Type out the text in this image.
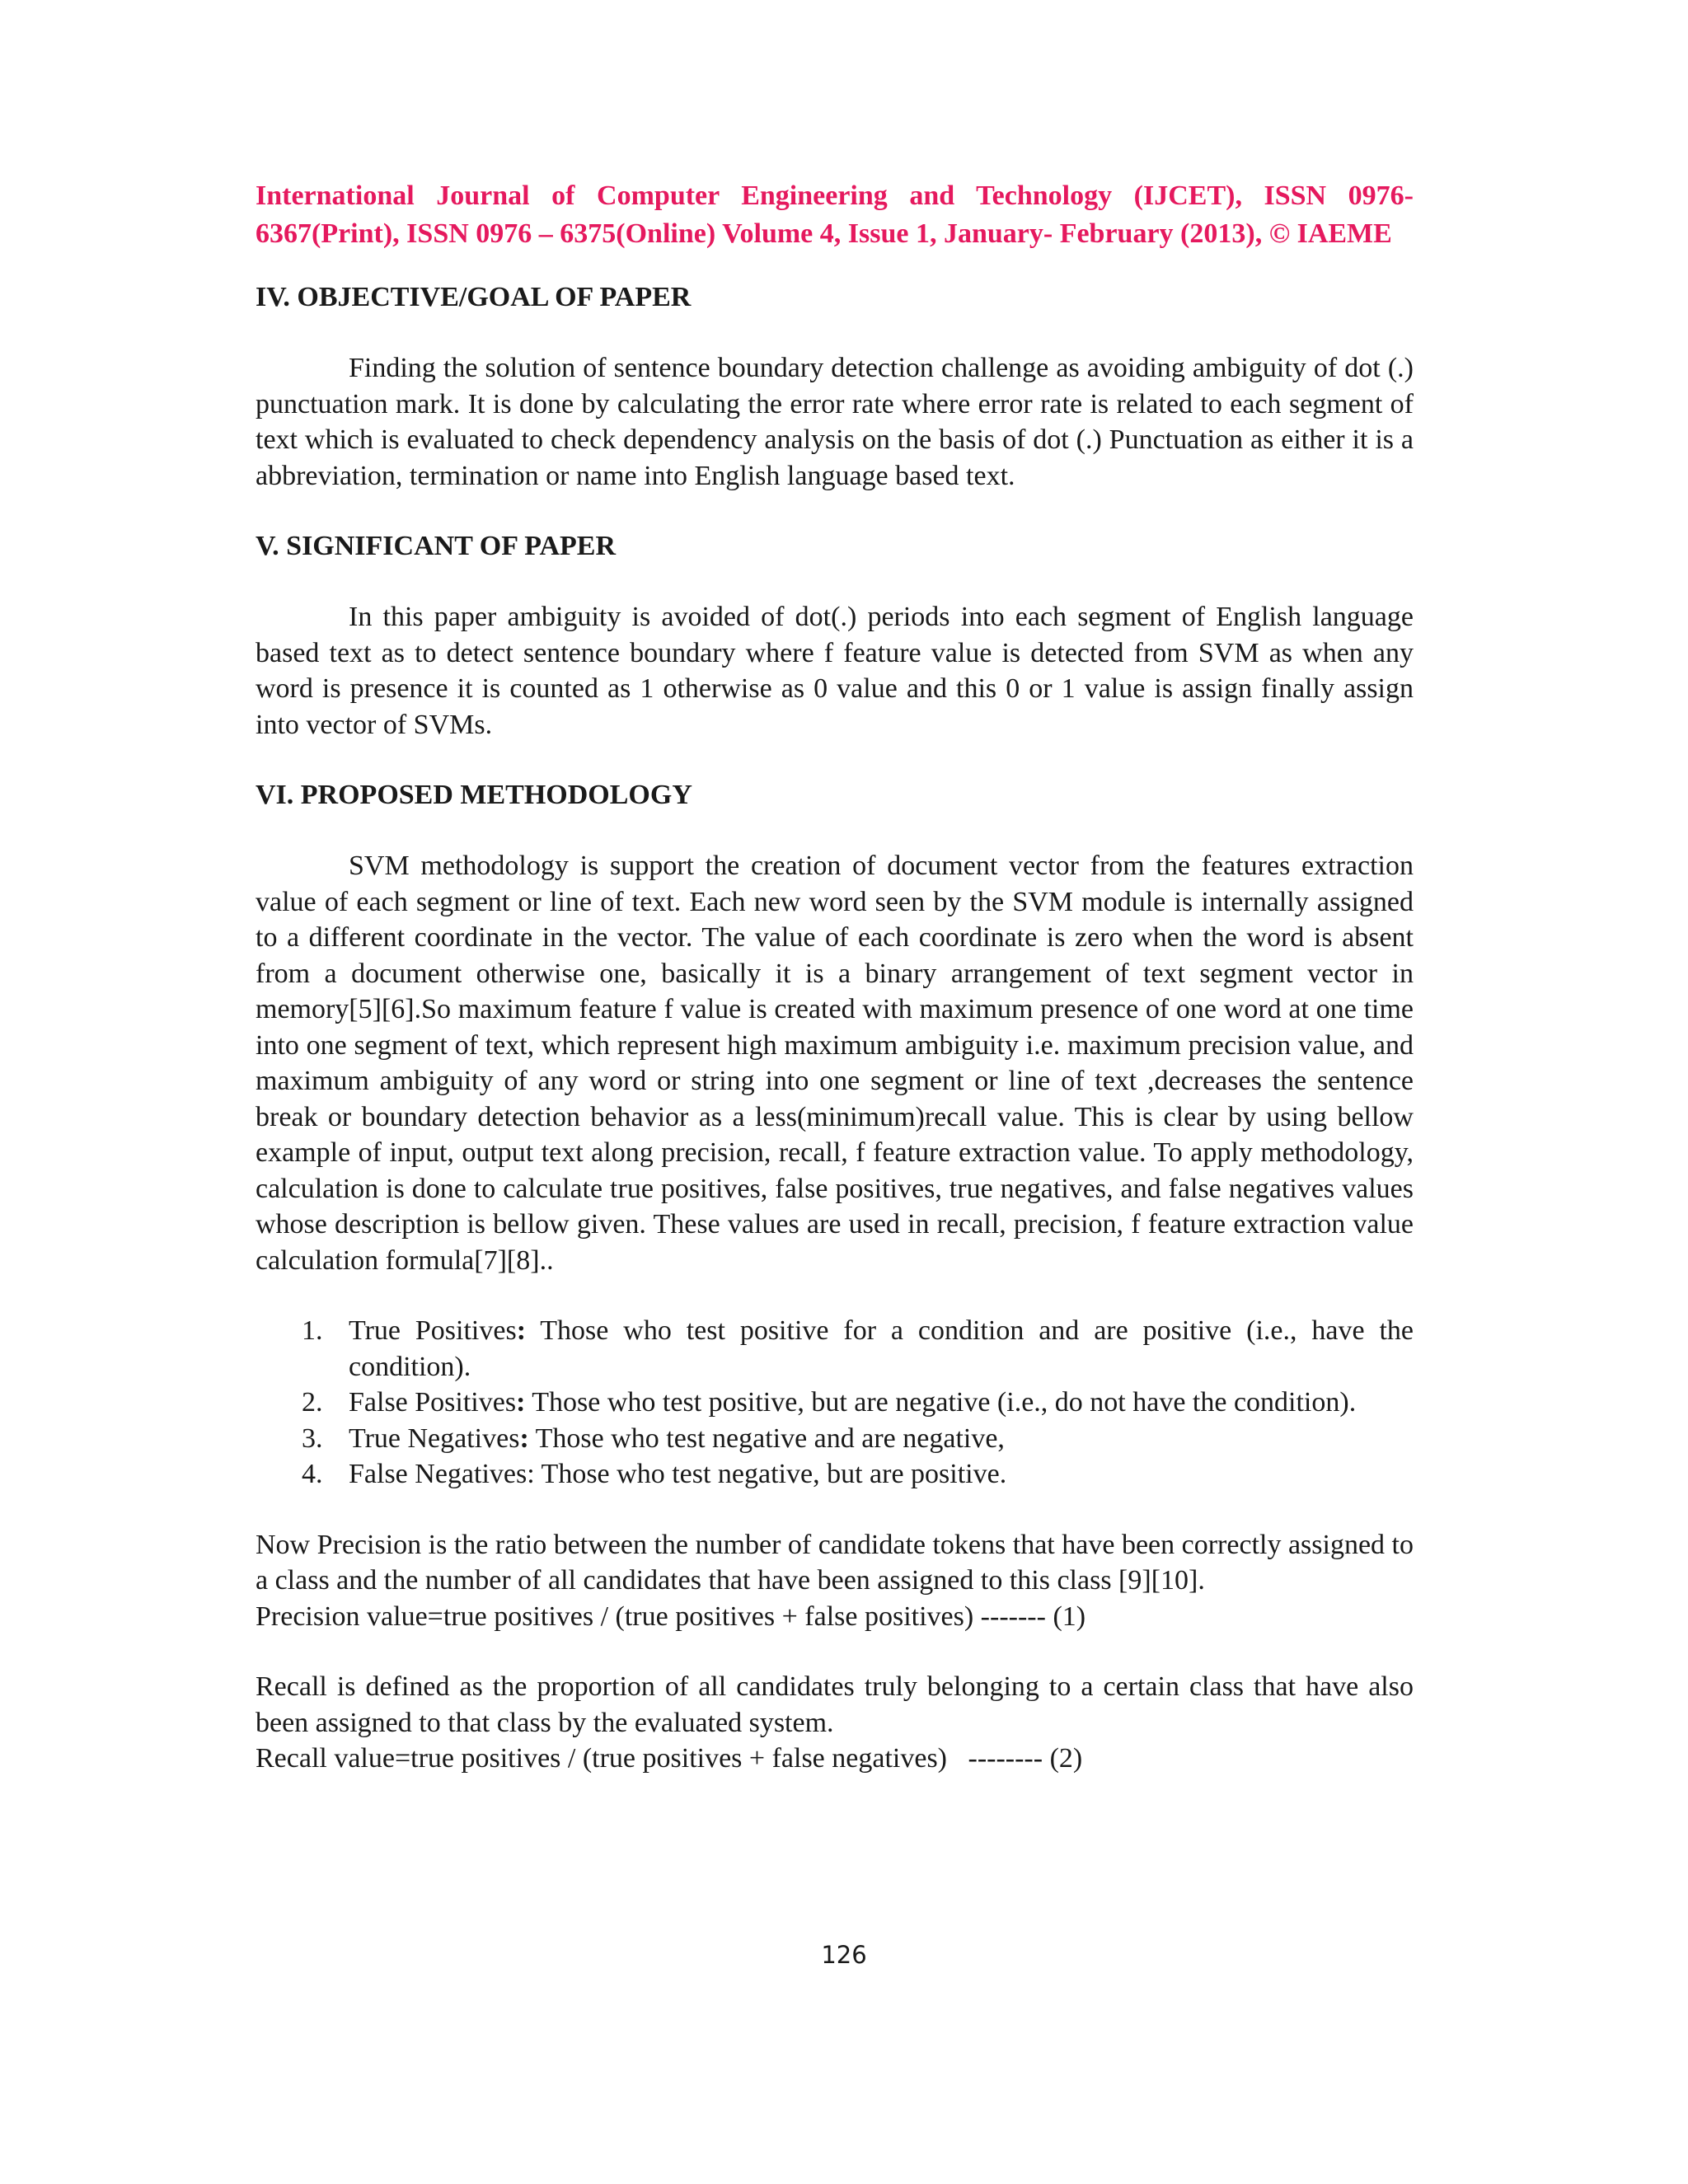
International Journal of Computer Engineering and Technology (IJCET), ISSN 0976-
6367(Print), ISSN 0976 – 6375(Online) Volume 4, Issue 1, January- February (2013), © IAEME

IV. OBJECTIVE/GOAL OF PAPER

Finding the solution of sentence boundary detection challenge as avoiding ambiguity of dot (.) punctuation mark. It is done by calculating the error rate where error rate is related to each segment of text which is evaluated to check dependency analysis on the basis of dot (.) Punctuation as either it is a abbreviation, termination or name into English language based text.

V. SIGNIFICANT OF PAPER

In this paper ambiguity is avoided of dot(.) periods into each segment of English language based text as to detect sentence boundary where f feature value is detected from SVM as when any word is presence it is counted as 1 otherwise as 0 value and this 0 or 1 value is assign finally assign into vector of SVMs.

VI. PROPOSED METHODOLOGY

SVM methodology is support the creation of document vector from the features extraction value of each segment or line of text. Each new word seen by the SVM module is internally assigned to a different coordinate in the vector. The value of each coordinate is zero when the word is absent from a document otherwise one, basically it is a binary arrangement of text segment vector in memory[5][6].So maximum feature f value is created with maximum presence of one word at one time into one segment of text, which represent high maximum ambiguity i.e. maximum precision value, and maximum ambiguity of any word or string into one segment or line of text ,decreases the sentence break or boundary detection behavior as a less(minimum)recall value. This is clear by using bellow example of input, output text along precision, recall, f feature extraction value. To apply methodology, calculation is done to calculate true positives, false positives, true negatives, and false negatives values whose description is bellow given. These values are used in recall, precision, f feature extraction value calculation formula[7][8]..

1. True Positives: Those who test positive for a condition and are positive (i.e., have the condition).
2. False Positives: Those who test positive, but are negative (i.e., do not have the condition).
3. True Negatives: Those who test negative and are negative,
4. False Negatives: Those who test negative, but are positive.

Now Precision is the ratio between the number of candidate tokens that have been correctly assigned to a class and the number of all candidates that have been assigned to this class [9][10].

Precision value=true positives / (true positives + false positives) ------- (1)

Recall is defined as the proportion of all candidates truly belonging to a certain class that have also been assigned to that class by the evaluated system.

Recall value=true positives / (true positives + false negatives)   -------- (2)

126
